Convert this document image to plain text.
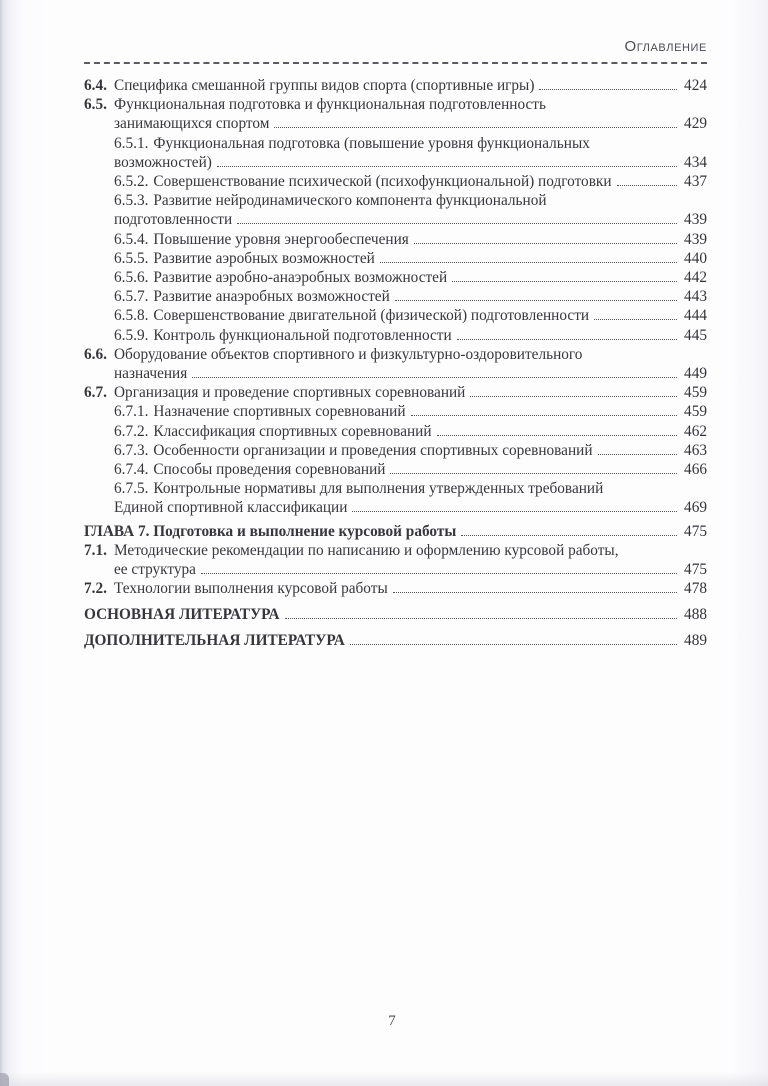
Оглавление
6.4. Специфика смешанной группы видов спорта (спортивные игры)	424
6.5. Функциональная подготовка и функциональная подготовленность
занимающихся спортом	429
6.5.1. Функциональная подготовка (повышение уровня функциональных
возможностей)	434
6.5.2. Совершенствование психической (психофункциональной) подготовки	437
6.5.3. Развитие нейродинамического компонента функциональной
подготовленности	439
6.5.4. Повышение уровня энергообеспечения	439
6.5.5. Развитие аэробных возможностей	440
6.5.6. Развитие аэробно-анаэробных возможностей	442
6.5.7. Развитие анаэробных возможностей	443
6.5.8. Совершенствование двигательной (физической) подготовленности	444
6.5.9. Контроль функциональной подготовленности	445
6.6. Оборудование объектов спортивного и физкультурно-оздоровительного
назначения	449
6.7. Организация и проведение спортивных соревнований	459
6.7.1. Назначение спортивных соревнований	459
6.7.2. Классификация спортивных соревнований	462
6.7.3. Особенности организации и проведения спортивных соревнований	463
6.7.4. Способы проведения соревнований	466
6.7.5. Контрольные нормативы для выполнения утвержденных требований
Единой спортивной классификации	469
ГЛАВА 7. Подготовка и выполнение курсовой работы	475
7.1. Методические рекомендации по написанию и оформлению курсовой работы,
ее структура	475
7.2. Технологии выполнения курсовой работы	478
ОСНОВНАЯ ЛИТЕРАТУРА	488
ДОПОЛНИТЕЛЬНАЯ ЛИТЕРАТУРА	489
7
